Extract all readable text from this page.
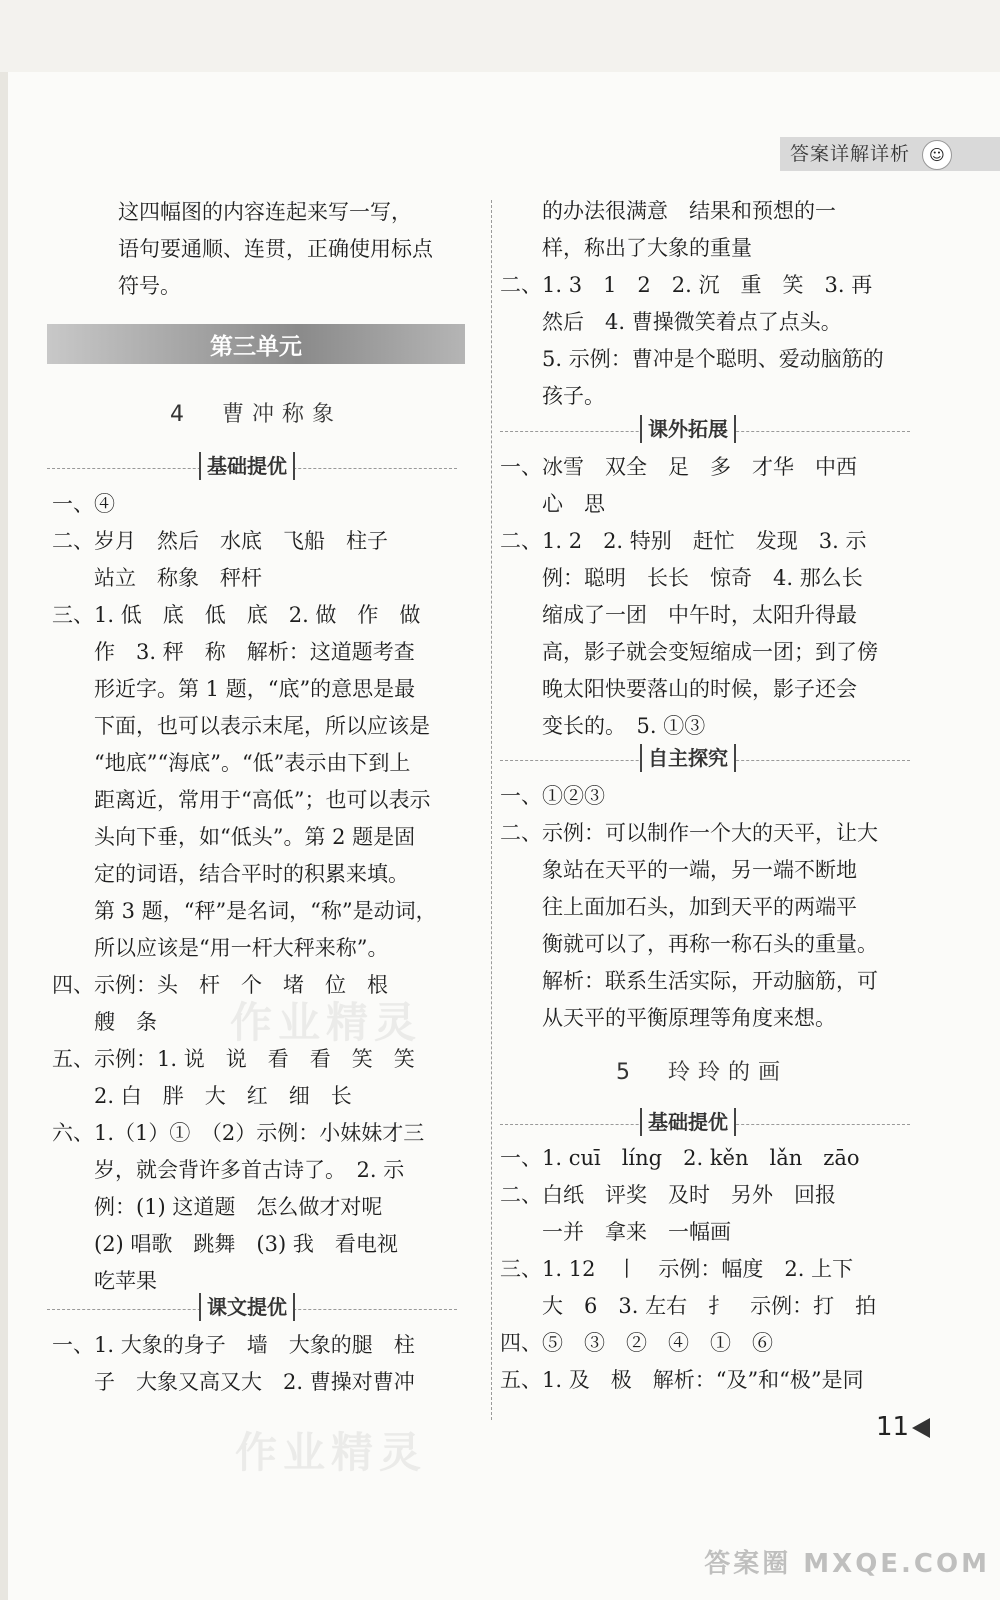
答案详解详析	☺
这四幅图的内容连起来写一写，
语句要通顺、连贯，正确使用标点
符号。
第三单元
4　曹冲称象
基础提优
一、④
二、岁月　然后　水底　飞船　柱子
　　站立　称象　秤杆
三、1. 低　底　低　底　2. 做　作　做
　　作　3. 秤　称　解析：这道题考查
　　形近字。第 1 题，“底”的意思是最
　　下面，也可以表示末尾，所以应该是
　　“地底”“海底”。“低”表示由下到上
　　距离近，常用于“高低”；也可以表示
　　头向下垂，如“低头”。第 2 题是固
　　定的词语，结合平时的积累来填。
　　第 3 题，“秤”是名词，“称”是动词，
　　所以应该是“用一杆大秤来称”。
四、示例：头　杆　个　堵　位　根
　　艘　条
五、示例：1. 说　说　看　看　笑　笑
　　2. 白　胖　大　红　细　长
六、1.（1）①　（2）示例：小妹妹才三
　　岁，就会背许多首古诗了。　2. 示
　　例：(1) 这道题　怎么做才对呢
　　(2) 唱歌　跳舞　(3) 我　看电视
　　吃苹果
课文提优
一、1. 大象的身子　墙　大象的腿　柱
　　子　大象又高又大　2. 曹操对曹冲
　　的办法很满意　结果和预想的一
　　样，称出了大象的重量
二、1. 3　1　2　2. 沉　重　笑　3. 再
　　然后　4. 曹操微笑着点了点头。
　　5. 示例：曹冲是个聪明、爱动脑筋的
　　孩子。
课外拓展
一、冰雪　双全　足　多　才华　中西
　　心　思
二、1. 2　2. 特别　赶忙　发现　3. 示
　　例：聪明　长长　惊奇　4. 那么长
　　缩成了一团　中午时，太阳升得最
　　高，影子就会变短缩成一团；到了傍
　　晚太阳快要落山的时候，影子还会
　　变长的。　5. ①③
自主探究
一、①②③
二、示例：可以制作一个大的天平，让大
　　象站在天平的一端，另一端不断地
　　往上面加石头，加到天平的两端平
　　衡就可以了，再称一称石头的重量。
　　解析：联系生活实际，开动脑筋，可
　　从天平的平衡原理等角度来想。
5　玲玲的画
基础提优
一、1. cuī　líng　2. kěn　lǎn　zāo
二、白纸　评奖　及时　另外　回报
　　一并　拿来　一幅画
三、1. 12　丨　示例：幅度　2. 上下
　　大　6　3. 左右　扌　示例：打　拍
四、⑤　③　②　④　①　⑥
五、1. 及　极　解析：“及”和“极”是同
11
作业精灵
作业精灵
答案圈 MXQE.COM
